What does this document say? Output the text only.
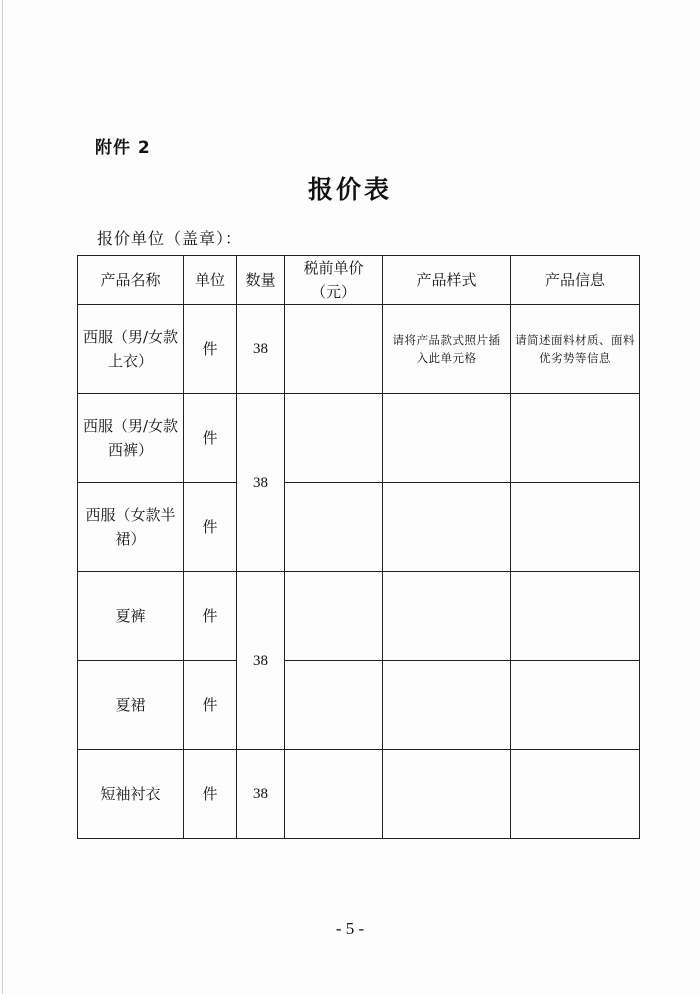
附件 2
报价表
报价单位（盖章）：
产品名称	单位	数量	税前单价（元）	产品样式	产品信息
西服（男/女款上衣）	件	38		请将产品款式照片插入此单元格	请简述面料材质、面料优劣势等信息
西服（男/女款西裤）	件	38			
西服（女款半裙）	件				
夏裤	件	38			
夏裙	件				
短袖衬衣	件	38			
- 5 -
